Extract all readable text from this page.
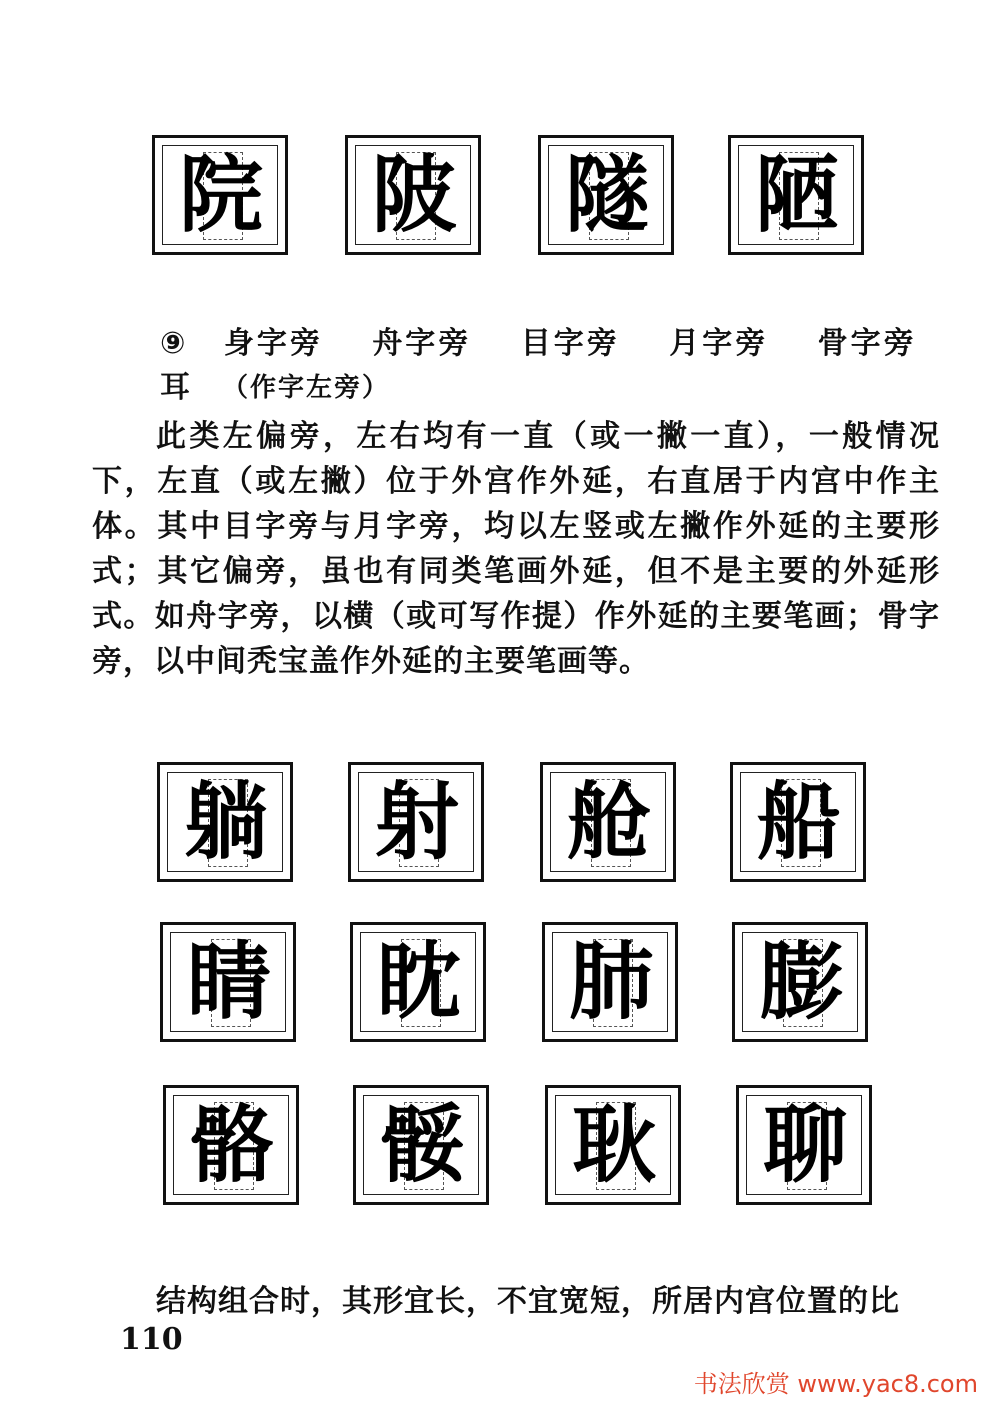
院 陂 隧 陋
⑨ 身字旁 舟字旁 目字旁 月字旁 骨字旁 耳	（作字左旁）
此类左偏旁，左右均有一直（或一撇一直），一般情况下，左直（或左撇）位于外宫作外延，右直居于内宫中作主体。其中目字旁与月字旁，均以左竖或左撇作外延的主要形式；其它偏旁，虽也有同类笔画外延，但不是主要的外延形式。如舟字旁，以横（或可写作提）作外延的主要笔画；骨字旁，以中间秃宝盖作外延的主要笔画等。
躺 射 舱 船
睛 眈 肺 膨
骼 骽 耿 聊
结构组合时，其形宜长，不宜宽短，所居内宫位置的比
110
书法欣赏 www.yac8.com
